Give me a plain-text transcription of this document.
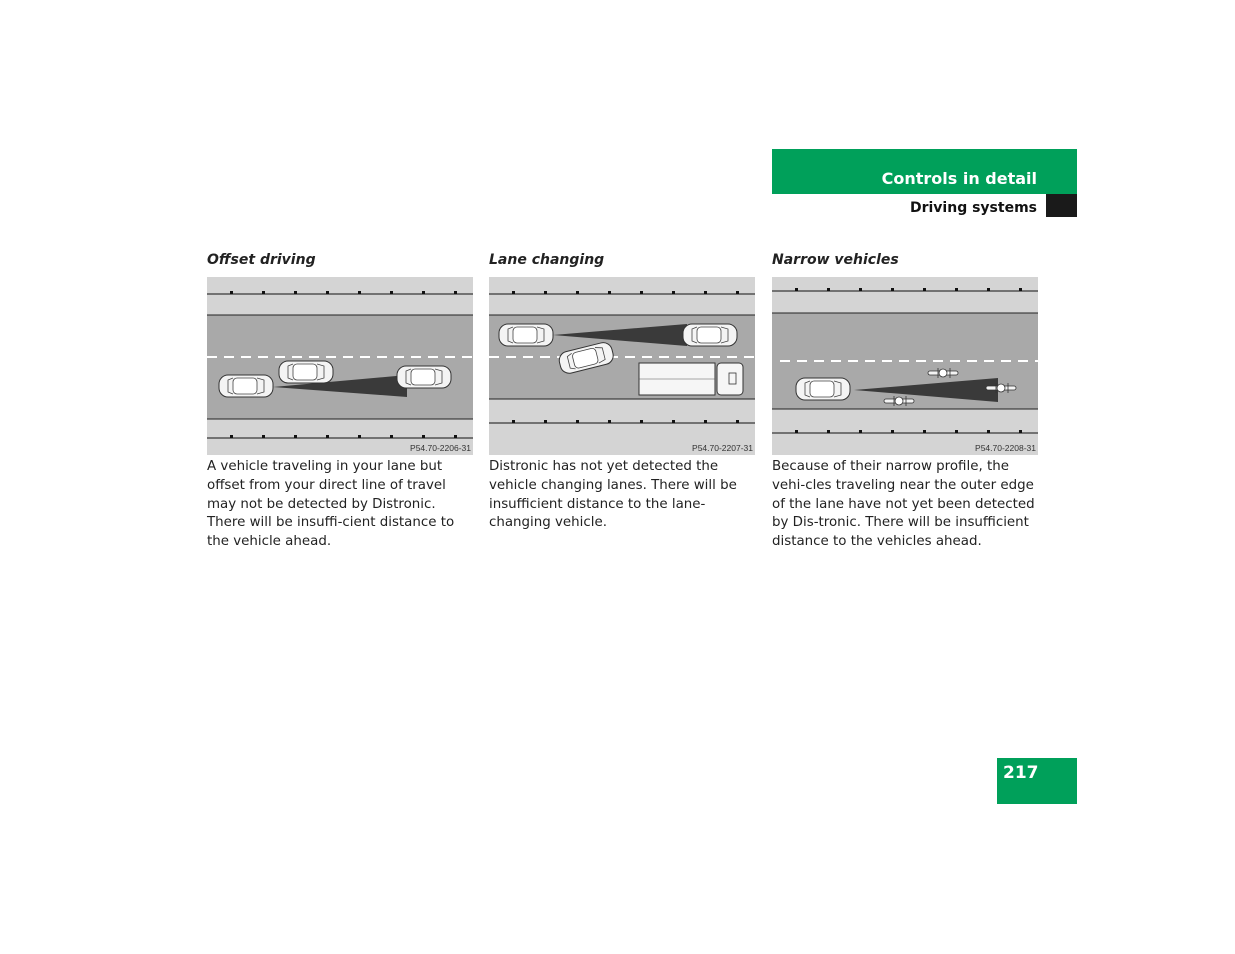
Controls in detail
Driving systems
Offset driving
P54.70-2206-31
A vehicle traveling in your lane but offset from your direct line of travel may not be detected by Distronic. There will be insuffi-cient distance to the vehicle ahead.
Lane changing
P54.70-2207-31
Distronic has not yet detected the vehicle changing lanes. There will be insufficient distance to the lane-changing vehicle.
Narrow vehicles
P54.70-2208-31
Because of their narrow profile, the vehi-cles traveling near the outer edge of the lane have not yet been detected by Dis-tronic. There will be insufficient distance to the vehicles ahead.
217
